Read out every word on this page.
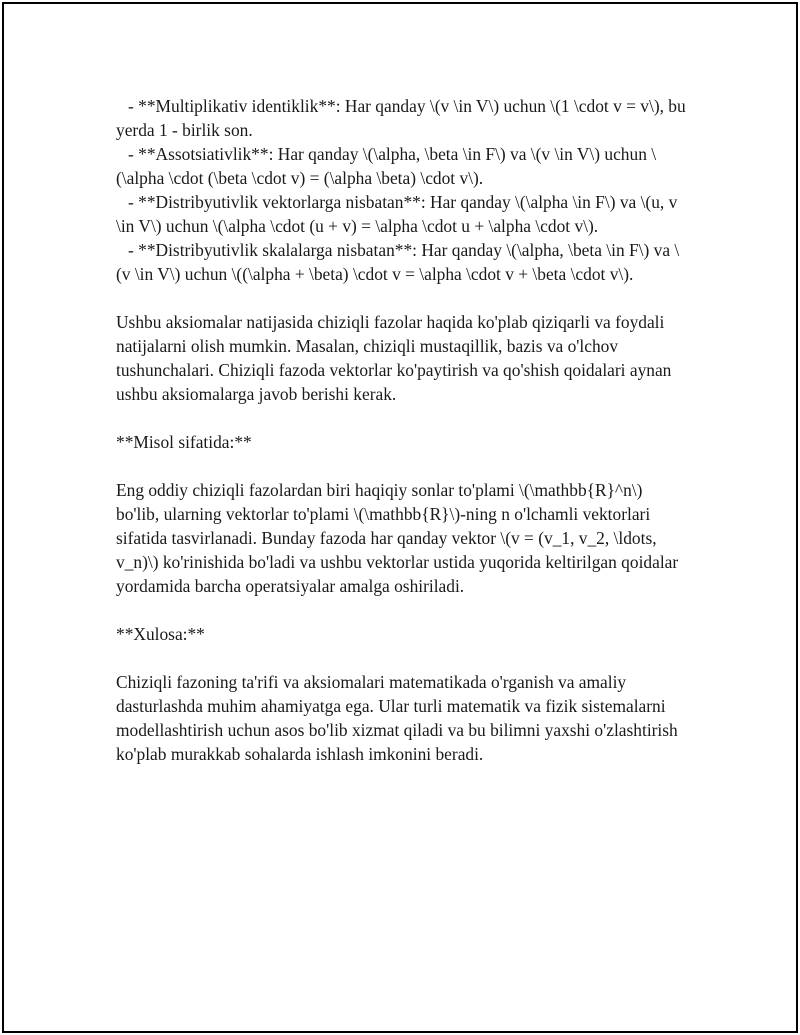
- **Multiplikativ identiklik**: Har qanday \(v \in V\) uchun \(1 \cdot v = v\), bu yerda 1 - birlik son.

- **Assotsiativlik**: Har qanday \(\alpha, \beta \in F\) va \(v \in V\) uchun \(\alpha \cdot (\beta \cdot v) = (\alpha \beta) \cdot v\).

- **Distribyutivlik vektorlarga nisbatan**: Har qanday \(\alpha \in F\) va \(u, v \in V\) uchun \(\alpha \cdot (u + v) = \alpha \cdot u + \alpha \cdot v\).

- **Distribyutivlik skalalarga nisbatan**: Har qanday \(\alpha, \beta \in F\) va \(v \in V\) uchun \((\alpha + \beta) \cdot v = \alpha \cdot v + \beta \cdot v\).

Ushbu aksiomalar natijasida chiziqli fazolar haqida ko'plab qiziqarli va foydali natijalarni olish mumkin. Masalan, chiziqli mustaqillik, bazis va o'lchov tushunchalari. Chiziqli fazoda vektorlar ko'paytirish va qo'shish qoidalari aynan ushbu aksiomalarga javob berishi kerak.

**Misol sifatida:**

Eng oddiy chiziqli fazolardan biri haqiqiy sonlar to'plami \(\mathbb{R}^n\) bo'lib, ularning vektorlar to'plami \(\mathbb{R}\)-ning n o'lchamli vektorlari sifatida tasvirlanadi. Bunday fazoda har qanday vektor \(v = (v_1, v_2, \ldots, v_n)\) ko'rinishida bo'ladi va ushbu vektorlar ustida yuqorida keltirilgan qoidalar yordamida barcha operatsiyalar amalga oshiriladi.

**Xulosa:**

Chiziqli fazoning ta'rifi va aksiomalari matematikada o'rganish va amaliy dasturlashda muhim ahamiyatga ega. Ular turli matematik va fizik sistemalarni modellashtirish uchun asos bo'lib xizmat qiladi va bu bilimni yaxshi o'zlashtirish ko'plab murakkab sohalarda ishlash imkonini beradi.
